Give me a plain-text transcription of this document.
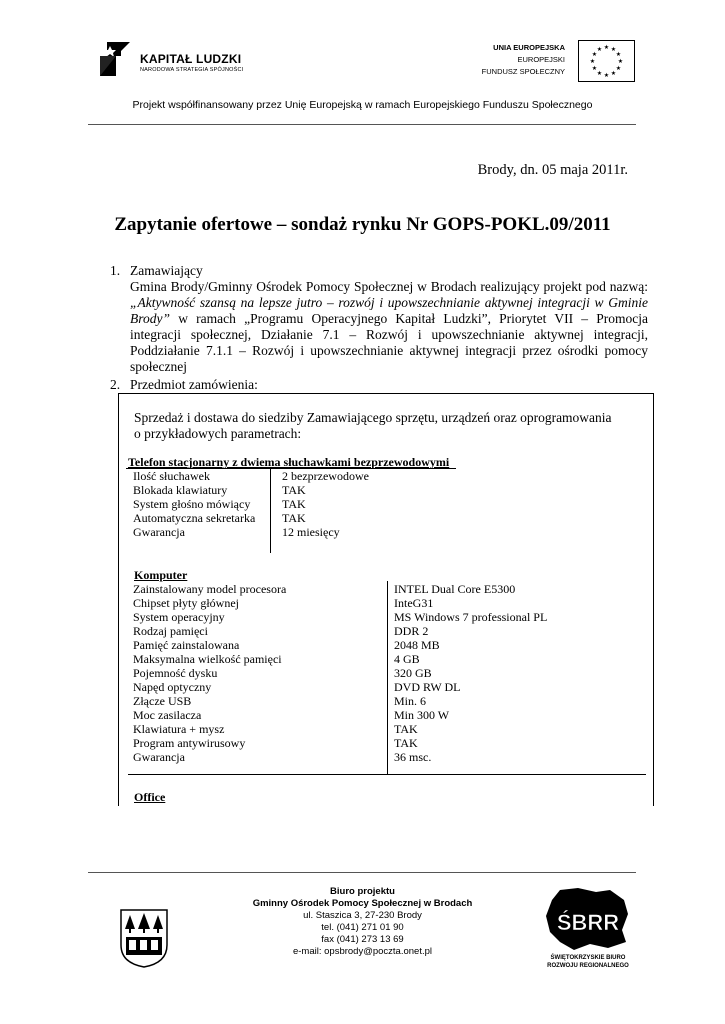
KAPITAŁ LUDZKI
NARODOWA STRATEGIA SPÓJNOŚCI
UNIA EUROPEJSKA
EUROPEJSKI
FUNDUSZ SPOŁECZNY
★ ★
★
★
★
★
★
★
★
★
★
★
Projekt współfinansowany przez Unię Europejską w ramach Europejskiego Funduszu Społecznego
Brody, dn. 05 maja 2011r.
Zapytanie ofertowe – sondaż rynku Nr GOPS-POKL.09/2011
1. Zamawiający
Gmina Brody/Gminny Ośrodek Pomocy Społecznej w Brodach realizujący projekt pod nazwą:
„Aktywność szansą na lepsze jutro – rozwój i upowszechnianie aktywnej integracji w Gminie
Brody” w ramach „Programu Operacyjnego Kapitał Ludzki”, Priorytet VII – Promocja
integracji społecznej, Działanie 7.1 – Rozwój i upowszechnianie aktywnej integracji,
Poddziałanie 7.1.1 – Rozwój i upowszechnianie aktywnej integracji przez ośrodki pomocy
społecznej
2. Przedmiot zamówienia:
Sprzedaż i dostawa do siedziby Zamawiającego sprzętu, urządzeń oraz oprogramowania
o przykładowych parametrach:
Telefon stacjonarny z dwiema słuchawkami bezprzewodowymi
Ilość słuchawek	2 bezprzewodowe
Blokada klawiatury	TAK
System głośno mówiący	TAK
Automatyczna sekretarka TAK
Gwarancja	12 miesięcy
Komputer
Zainstalowany model procesora	INTEL Dual Core E5300
Chipset płyty głównej	InteG31
System operacyjny	MS Windows 7 professional PL
Rodzaj pamięci	DDR 2
Pamięć zainstalowana	2048 MB
Maksymalna wielkość pamięci	4 GB
Pojemność dysku	320 GB
Napęd optyczny	DVD RW DL
Złącze USB	Min. 6
Moc zasilacza	Min 300 W
Klawiatura + mysz	TAK
Program antywirusowy	TAK
Gwarancja	36 msc.
Office
Biuro projektu
Gminny Ośrodek Pomocy Społecznej w Brodach
ul. Staszica 3, 27-230 Brody
tel. (041) 271 01 90
fax (041) 273 13 69
e-mail: opsbrody@poczta.onet.pl
ŚBRR
ŚWIĘTOKRZYSKIE BIURO
ROZWOJU REGIONALNEGO
